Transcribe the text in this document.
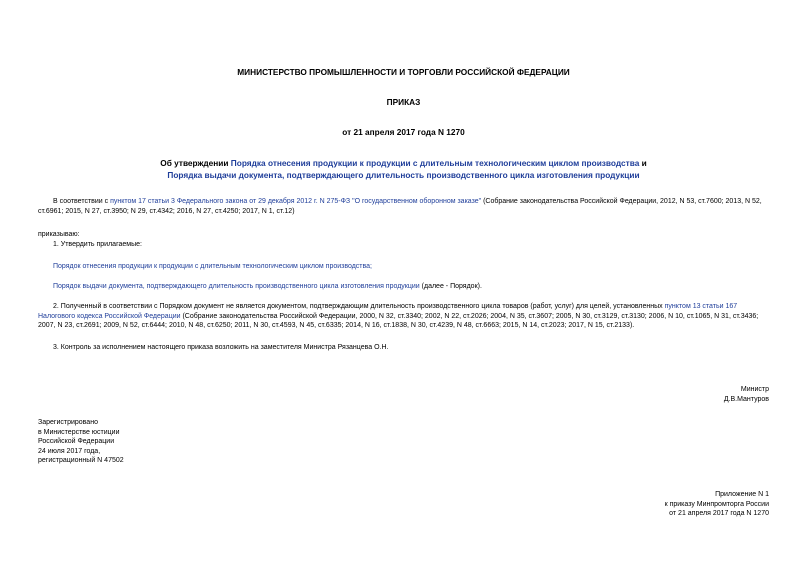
МИНИСТЕРСТВО ПРОМЫШЛЕННОСТИ И ТОРГОВЛИ РОССИЙСКОЙ ФЕДЕРАЦИИ
ПРИКАЗ
от 21 апреля 2017 года N 1270
Об утверждении Порядка отнесения продукции к продукции с длительным технологическим циклом производства и
Порядка выдачи документа, подтверждающего длительность производственного цикла изготовления продукции
В соответствии с пунктом 17 статьи 3 Федерального закона от 29 декабря 2012 г. N 275-ФЗ "О государственном оборонном заказе" (Собрание законодательства Российской Федерации, 2012, N 53, ст.7600; 2013, N 52, ст.6961; 2015, N 27, ст.3950; N 29, ст.4342; 2016, N 27, ст.4250; 2017, N 1, ст.12)
приказываю:
1. Утвердить прилагаемые:
Порядок отнесения продукции к продукции с длительным технологическим циклом производства;
Порядок выдачи документа, подтверждающего длительность производственного цикла изготовления продукции (далее - Порядок).
2. Полученный в соответствии с Порядком документ не является документом, подтверждающим длительность производственного цикла товаров (работ, услуг) для целей, установленных пунктом 13 статьи 167 Налогового кодекса Российской Федерации (Собрание законодательства Российской Федерации, 2000, N 32, ст.3340; 2002, N 22, ст.2026; 2004, N 35, ст.3607; 2005, N 30, ст.3129, ст.3130; 2006, N 10, ст.1065, N 31, ст.3436; 2007, N 23, ст.2691; 2009, N 52, ст.6444; 2010, N 48, ст.6250; 2011, N 30, ст.4593, N 45, ст.6335; 2014, N 16, ст.1838, N 30, ст.4239, N 48, ст.6663; 2015, N 14, ст.2023; 2017, N 15, ст.2133).
3. Контроль за исполнением настоящего приказа возложить на заместителя Министра Рязанцева О.Н.
Министр
Д.В.Мантуров
Зарегистрировано
в Министерстве юстиции
Российской Федерации
24 июля 2017 года,
регистрационный N 47502
Приложение N 1
к приказу Минпромторга России
от 21 апреля 2017 года N 1270
